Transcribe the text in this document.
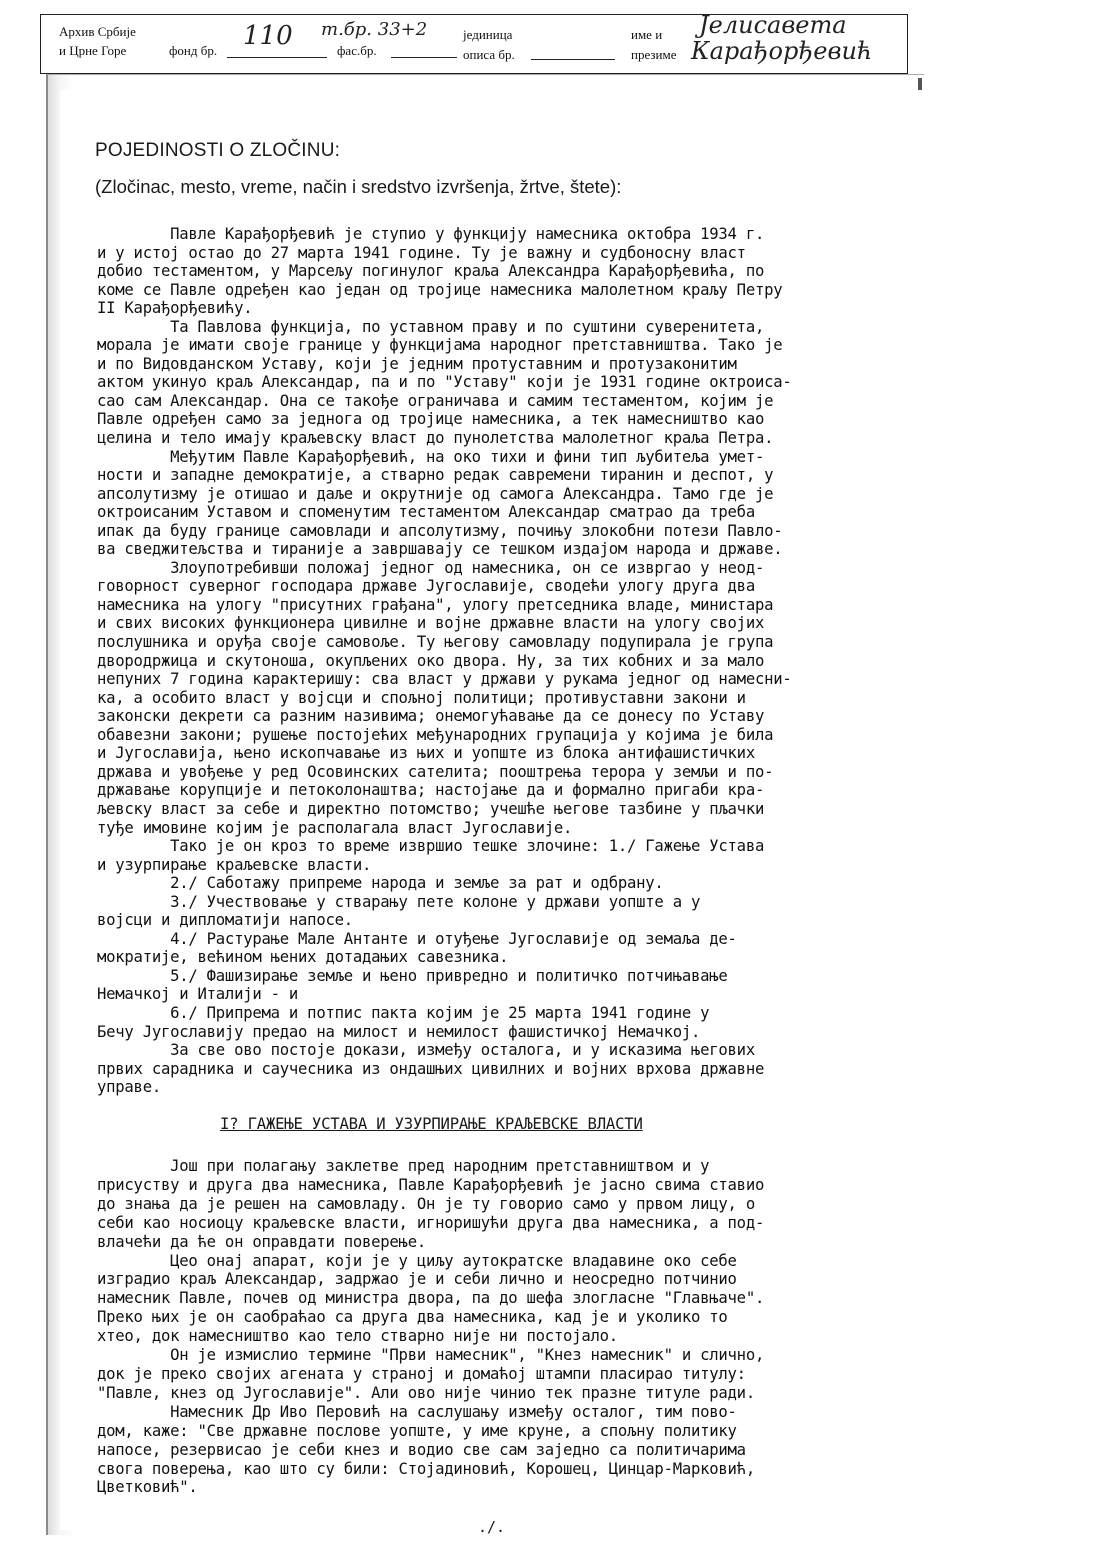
Архив Србије
и Црне Горе	фонд бр. 110	фас.бр.
т.бр. 33+2	јединица
описа бр.
име и
презиме
Јелисавета
Карађорђевић
POJEDINOSTI O ZLOČINU:
(Zločinac, mesto, vreme, način i sredstvo izvršenja, žrtve, štete):
Павле Карађорђевић је ступио у функцију намесника октобра 1934 г.
и у истој остао до 27 марта 1941 године. Ту је важну и судбоносну власт
добио тестаментом, у Марсељу погинулог краља Александра Карађорђевића, по
коме се Павле одређен као један од тројице намесника малолетном краљу Петру
II Карађорђевићу.
Та Павлова функција, по уставном праву и по суштини суверенитета,
морала је имати своје границе у функцијама народног претставништва. Тако је
и по Видовданском Уставу, који је једним протуставним и протузаконитим
актом укинуо краљ Александар, па и по "Уставу" који је 1931 године октроиса-
сао сам Александар. Она се такође ограничава и самим тестаментом, којим је
Павле одређен само за једнога од тројице намесника, а тек намесништво као
целина и тело имају краљевску власт до пунолетства малолетног краља Петра.
Међутим Павле Карађорђевић, на око тихи и фини тип љубитеља умет-
ности и западне демократије, а стварно редак савремени тиранин и деспот, у
апсолутизму је отишао и даље и окрутније од самога Александра. Тамо где је
октроисаним Уставом и споменутим тестаментом Александар сматрао да треба
ипак да буду границе самовлади и апсолутизму, почињу злокобни потези Павло-
ва сведжитељства и тираније а завршавају се тешком издајом народа и државе.
Злоупотребивши положај једног од намесника, он се извргао у неод-
говорност суверног господара државе Југославије, сводећи улогу друга два
намесника на улогу "присутних грађана", улогу претседника владе, министара
и свих високих функционера цивилне и војне државне власти на улогу својих
послушника и оруђа своје самовоље. Ту његову самовладу подупирала је група
двородржица и скутоноша, окупљених око двора. Ну, за тих кобних и за мало
непуних 7 година карактеришу: сва власт у држави у рукама једног од намесни-
ка, а особито власт у војсци и спољној политици; противуставни закони и
законски декрети са разним називима; онемогућавање да се донесу по Уставу
обавезни закони; рушење постојећих међународних групација у којима је била
и Југославија, њено ископчавање из њих и уопште из блока антифашистичких
држава и увођење у ред Осовинских сателита; пооштрења терора у земљи и по-
државање корупције и петоколонаштва; настојање да и формално пригаби кра-
љевску власт за себе и директно потомство; учешће његове тазбине у пљачки
туђе имовине којим је располагала власт Југославије.
Тако је он кроз то време извршио тешке злочине: 1./ Гажење Устава
и узурпирање краљевске власти.
2./ Саботажу припреме народа и земље за рат и одбрану.
3./ Учествовање у стварању пете колоне у држави уопште а у
војсци и дипломатији напосе.
4./ Растурање Мале Антанте и отуђење Југославије од земаља де-
мократије, већином њених дотадањих савезника.
5./ Фашизирање земље и њено привредно и политичко потчињавање
Немачкој и Италији - и
6./ Припрема и потпис пакта којим је 25 марта 1941 године у
Бечу Југославију предао на милост и немилост фашистичкој Немачкој.
За све ово постоје докази, између осталога, и у исказима његових
првих сарадника и саучесника из ондашњих цивилних и војних врхова државне
управе.
I? ГАЖЕЊЕ УСТАВА И УЗУРПИРАЊЕ КРАЉЕВСКЕ ВЛАСТИ
Још при полагању заклетве пред народним претставништвом и у
присуству и друга два намесника, Павле Карађорђевић је јасно свима ставио
до знања да је решен на самовладу. Он је ту говорио само у првом лицу, о
себи као носиоцу краљевске власти, игноришући друга два намесника, а под-
влачећи да ће он оправдати поверење.
Цео онај апарат, који је у циљу аутократске владавине око себе
изградио краљ Александар, задржао је и себи лично и неосредно потчинио
намесник Павле, почев од министра двора, па до шефа злогласне "Главњаче".
Преко њих је он саобраћао са друга два намесника, кад је и уколико то
хтео, док намесништво као тело стварно није ни постојало.
Он је измислио термине "Први намесник", "Кнез намесник" и слично,
док је преко својих агената у страној и домаћој штампи пласирао титулу:
"Павле, кнез од Југославије". Али ово није чинио тек празне титуле ради.
Намесник Др Иво Перовић на саслушању између осталог, тим пово-
дом, каже: "Све државне послове уопште, у име круне, а спољну политику
напосе, резервисао је себи кнез и водио све сам заједно са политичарима
свога поверења, као што су били: Стојадиновић, Корошец, Цинцар-Марковић,
Цветковић".
./.
